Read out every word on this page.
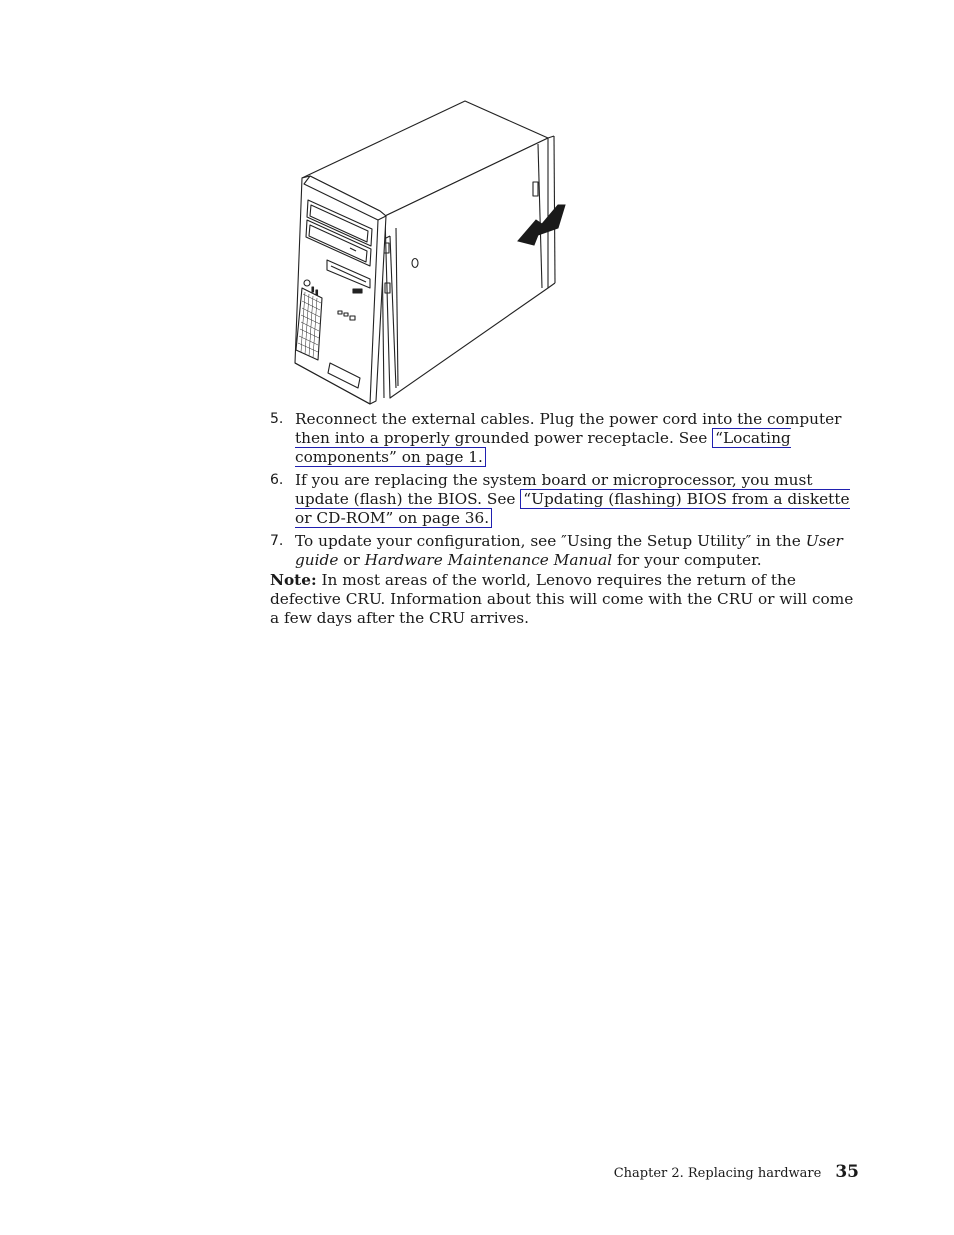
5. Reconnect the external cables. Plug the power cord into the computer then into a properly grounded power receptacle. See “Locating components” on page 1.
6. If you are replacing the system board or microprocessor, you must update (flash) the BIOS. See “Updating (flashing) BIOS from a diskette or CD-ROM” on page 36.
7. To update your configuration, see ″Using the Setup Utility″ in the User guide or Hardware Maintenance Manual for your computer.

Note: In most areas of the world, Lenovo requires the return of the defective CRU. Information about this will come with the CRU or will come a few days after the CRU arrives.

Chapter 2. Replacing hardware 35
